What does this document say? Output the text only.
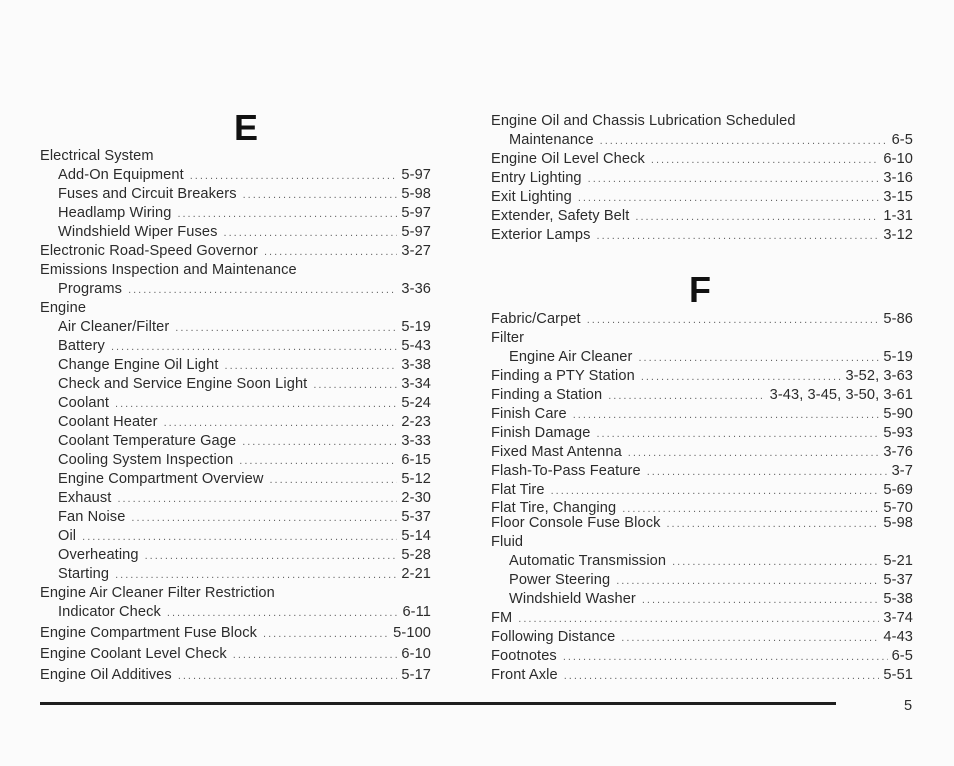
E
F
Electrical System
Add-On Equipment .....	5-97
Fuses and Circuit Breakers .....	5-98
Headlamp Wiring .....	5-97
Windshield Wiper Fuses .....	5-97
Electronic Road-Speed Governor .....	3-27
Emissions Inspection and Maintenance
Programs .....	3-36
Engine
Air Cleaner/Filter .....	5-19
Battery .....	5-43
Change Engine Oil Light .....	3-38
Check and Service Engine Soon Light .....	3-34
Coolant .....	5-24
Coolant Heater .....	2-23
Coolant Temperature Gage .....	3-33
Cooling System Inspection .....	6-15
Engine Compartment Overview .....	5-12
Exhaust .....	2-30
Fan Noise .....	5-37
Oil .....	5-14
Overheating .....	5-28
Starting .....	2-21
Engine Air Cleaner Filter Restriction
Indicator Check .....	6-11
Engine Compartment Fuse Block .....	5-100
Engine Coolant Level Check .....	6-10
Engine Oil Additives .....	5-17
Engine Oil and Chassis Lubrication Scheduled
Maintenance .....	6-5
Engine Oil Level Check .....	6-10
Entry Lighting .....	3-16
Exit Lighting .....	3-15
Extender, Safety Belt .....	1-31
Exterior Lamps .....	3-12
Fabric/Carpet .....	5-86
Filter
Engine Air Cleaner .....	5-19
Finding a PTY Station .....	3-52, 3-63
Finding a Station .....	3-43, 3-45, 3-50, 3-61
Finish Care .....	5-90
Finish Damage .....	5-93
Fixed Mast Antenna .....	3-76
Flash-To-Pass Feature .....	3-7
Flat Tire .....	5-69
Flat Tire, Changing .....	5-70
Floor Console Fuse Block .....	5-98
Fluid
Automatic Transmission .....	5-21
Power Steering .....	5-37
Windshield Washer .....	5-38
FM .....	3-74
Following Distance .....	4-43
Footnotes .....	6-5
Front Axle .....	5-51
5
